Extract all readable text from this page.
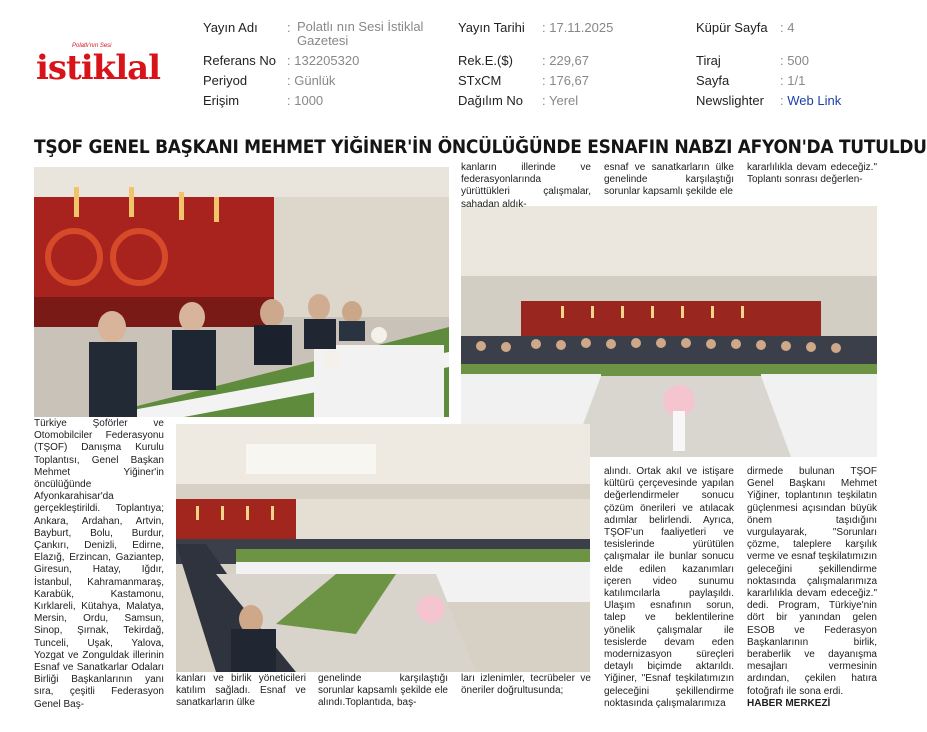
Polatlı'nın Sesi
istiklal
Yayın Adı : Polatlı nın Sesi İstiklal Gazetesi
Referans No : 132205320
Periyod	: Günlük
Erişim	: 1000
Yayın Tarihi : 17.11.2025
Rek.E.($) : 229,67
STxCM	: 176,67
Dağılım No : Yerel
Küpür Sayfa : 4
Tiraj	: 500
Sayfa	: 1/1
Newslighter : Web Link
TŞOF GENEL BAŞKANI MEHMET YİĞİNER'İN ÖNCÜLÜĞÜNDE ESNAFIN NABZI AFYON'DA TUTULDU

Türkiye Şoförler ve Otomobilciler Federasyonu (TŞOF) Danışma Kurulu Toplantısı, Genel Başkan Mehmet Yiğiner'in öncülüğünde Afyonkarahisar'da gerçekleştirildi. Toplantıya; Ankara, Ardahan, Artvin, Bayburt, Bolu, Burdur, Çankırı, Denizli, Edirne, Elazığ, Erzincan, Gaziantep, Giresun, Hatay, Iğdır, İstanbul, Kahramanmaraş, Karabük, Kastamonu, Kırklareli, Kütahya, Malatya, Mersin, Ordu, Samsun, Sinop, Şırnak, Tekirdağ, Tunceli, Uşak, Yalova, Yozgat ve Zonguldak illerinin Esnaf ve Sanatkarlar Odaları Birliği Başkanlarının yanı sıra, çeşitli Federasyon Genel Baş-

kanların illerinde ve federasyonlarında yürüttükleri çalışmalar, sahadan aldık-

kanları ve birlik yöneticileri katılım sağladı. Esnaf ve sanatkarların ülke

esnaf ve sanatkarların ülke genelinde karşılaştığı sorunlar kapsamlı şekilde ele

genelinde karşılaştığı sorunlar kapsamlı şekilde ele alındı.Toplantıda, baş-

ları izlenimler, tecrübeler ve öneriler doğrultusunda;

alındı. Ortak akıl ve istişare kültürü çerçevesinde yapılan değerlendirmeler sonucu çözüm önerileri ve atılacak adımlar belirlendi. Ayrıca, TŞOF'un faaliyetleri ve tesislerinde yürütülen çalışmalar ile bunlar sonucu elde edilen kazanımları içeren video sunumu katılımcılarla paylaşıldı. Ulaşım esnafının sorun, talep ve beklentilerine yönelik çalışmalar ile tesislerde devam eden modernizasyon süreçleri detaylı biçimde aktarıldı. Yiğiner, "Esnaf teşkilatımızın geleceğini şekillendirme noktasında çalışmalarımıza

kararlılıkla devam edeceğiz." Toplantı sonrası değerlen-

dirmede bulunan TŞOF Genel Başkanı Mehmet Yiğiner, toplantının teşkilatın güçlenmesi açısından büyük önem taşıdığını vurgulayarak, "Sorunları çözme, taleplere karşılık verme ve esnaf teşkilatımızın geleceğini şekillendirme noktasında çalışmalarımıza kararlılıkla devam edeceğiz." dedi. Program, Türkiye'nin dört bir yanından gelen ESOB ve Federasyon Başkanlarının birlik, beraberlik ve dayanışma mesajları vermesinin ardından, çekilen hatıra fotoğrafı ile sona erdi.

HABER MERKEZİ
